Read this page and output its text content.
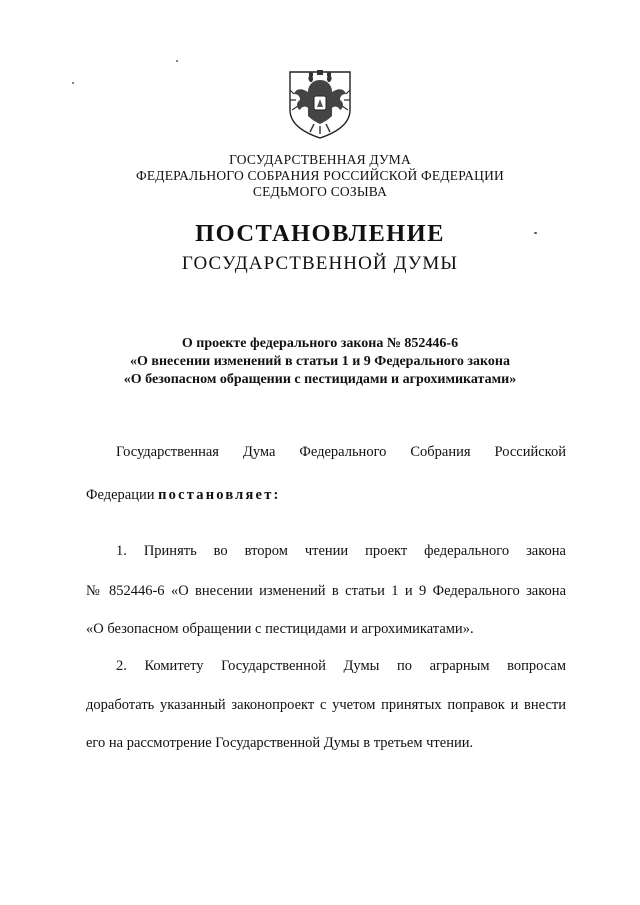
ГОСУДАРСТВЕННАЯ ДУМА
ФЕДЕРАЛЬНОГО СОБРАНИЯ РОССИЙСКОЙ ФЕДЕРАЦИИ
СЕДЬМОГО СОЗЫВА
ПОСТАНОВЛЕНИЕ
ГОСУДАРСТВЕННОЙ ДУМЫ
О проекте федерального закона № 852446-6
«О внесении изменений в статьи 1 и 9 Федерального закона
«О безопасном обращении с пестицидами и агрохимикатами»
Государственная Дума Федерального Собрания Российской
Федерации постановляет:
1. Принять во втором чтении проект федерального закона
№ 852446-6 «О внесении изменений в статьи 1 и 9 Федерального закона
«О безопасном обращении с пестицидами и агрохимикатами».
2. Комитету Государственной Думы по аграрным вопросам
доработать указанный законопроект с учетом принятых поправок и внести
его на рассмотрение Государственной Думы в третьем чтении.
